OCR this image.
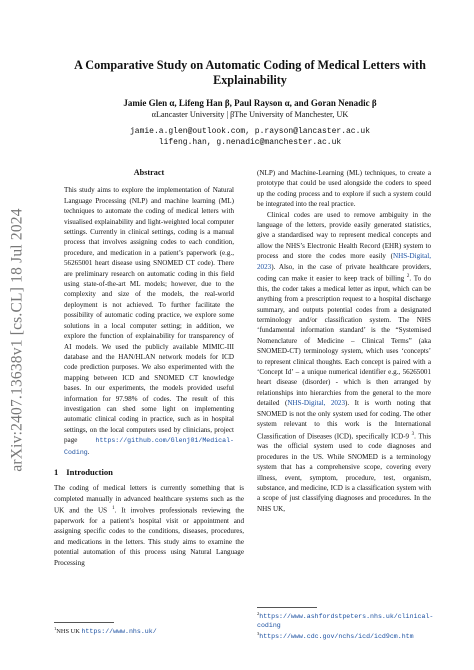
arXiv:2407.13638v1 [cs.CL] 18 Jul 2024
A Comparative Study on Automatic Coding of Medical Letters with Explainability
Jamie Glen α, Lifeng Han β, Paul Rayson α, and Goran Nenadic β
αLancaster University | βThe University of Manchester, UK
jamie.a.glen@outlook.com, p.rayson@lancaster.ac.uk
lifeng.han, g.nenadic@manchester.ac.uk
Abstract

This study aims to explore the implementation of Natural Language Processing (NLP) and machine learning (ML) techniques to automate the coding of medical letters with visualised explainability and light-weighted local computer settings. Currently in clinical settings, coding is a manual process that involves assigning codes to each condition, procedure, and medication in a patient’s paperwork (e.g., 56265001 heart disease using SNOMED CT code). There are preliminary research on automatic coding in this field using state-of-the-art ML models; however, due to the complexity and size of the models, the real-world deployment is not achieved. To further facilitate the possibility of automatic coding practice, we explore some solutions in a local computer setting; in addition, we explore the function of explainability for transparency of AI models. We used the publicly available MIMIC-III database and the HAN/HLAN network models for ICD code prediction purposes. We also experimented with the mapping between ICD and SNOMED CT knowledge bases. In our experiments, the models provided useful information for 97.98% of codes. The result of this investigation can shed some light on implementing automatic clinical coding in practice, such as in hospital settings, on the local computers used by clinicians, project page https://github.com/Glenj01/Medical-Coding.

1 Introduction

The coding of medical letters is currently something that is completed manually in advanced healthcare systems such as the UK and the US $^1$. It involves professionals reviewing the paperwork for a patient’s hospital visit or appointment and assigning specific codes to the conditions, diseases, procedures, and medications in the letters. This study aims to examine the potential automation of this process using Natural Language Processing

(NLP) and Machine-Learning (ML) techniques, to create a prototype that could be used alongside the coders to speed up the coding process and to explore if such a system could be integrated into the real practice.

Clinical codes are used to remove ambiguity in the language of the letters, provide easily generated statistics, give a standardised way to represent medical concepts and allow the NHS’s Electronic Health Record (EHR) system to process and store the codes more easily (NHS-Digital, 2023). Also, in the case of private healthcare providers, coding can make it easier to keep track of billing $^2$. To do this, the coder takes a medical letter as input, which can be anything from a prescription request to a hospital discharge summary, and outputs potential codes from a designated terminology and/or classification system. The NHS ‘fundamental information standard’ is the “Systemised Nomenclature of Medicine – Clinical Terms” (aka SNOMED-CT) terminology system, which uses ‘concepts’ to represent clinical thoughts. Each concept is paired with a ‘Concept Id’ – a unique numerical identifier e.g., 56265001 heart disease (disorder) - which is then arranged by relationships into hierarchies from the general to the more detailed (NHS-Digital, 2023). It is worth noting that SNOMED is not the only system used for coding. The other system relevant to this work is the International Classification of Diseases (ICD), specifically ICD-9 $^3$. This was the official system used to code diagnoses and procedures in the US. While SNOMED is a terminology system that has a comprehensive scope, covering every illness, event, symptom, procedure, test, organism, substance, and medicine, ICD is a classification system with a scope of just classifying diagnoses and procedures. In the NHS UK,

$^1$NHS UK https://www.nhs.uk/
$^2$https://www.ashfordstpeters.nhs.uk/clinical-coding
$^3$https://www.cdc.gov/nchs/icd/icd9cm.htm
